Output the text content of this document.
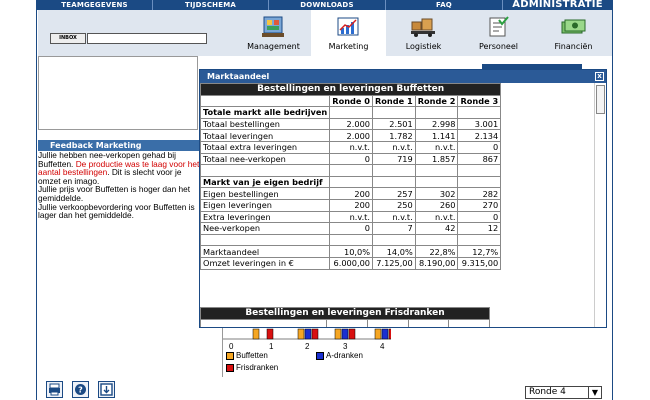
TEAMGEGEVENS	TIJDSCHEMA	DOWNLOADS	FAQ	ADMINISTRATIE
INBOX
Management	Marketing	Logistiek	Personeel	Financiën
Feedback Marketing
Jullie hebben nee-verkopen gehad bij Buffetten. De productie was te laag voor het aantal bestellingen. Dit is slecht voor je omzet en imago.
Jullie prijs voor Buffetten is hoger dan het gemiddelde.
Jullie verkoopbevordering voor Buffetten is lager dan het gemiddelde.
0	1	2	3	4
Buffetten	A-dranken
Frisdranken
?	Ronde 4	▼
Marktaandeel	x
Bestellingen en leveringen Buffetten				
	Ronde 0	Ronde 1	Ronde 2	Ronde 3
Totale markt alle bedrijven				
Totaal bestellingen	2.000	2.501	2.998	3.001
Totaal leveringen	2.000	1.782	1.141	2.134
Totaal extra leveringen	n.v.t.	n.v.t.	n.v.t.	0
Totaal nee-verkopen	0	719	1.857	867

Markt van je eigen bedrijf				
Eigen bestellingen	200	257	302	282
Eigen leveringen	200	250	260	270
Extra leveringen	n.v.t.	n.v.t.	n.v.t.	0
Nee-verkopen	0	7	42	12

Marktaandeel	10,0%	14,0%	22,8%	12,7%
Omzet leveringen in €	6.000,00	7.125,00	8.190,00	9.315,00
Bestellingen en leveringen Frisdranken
